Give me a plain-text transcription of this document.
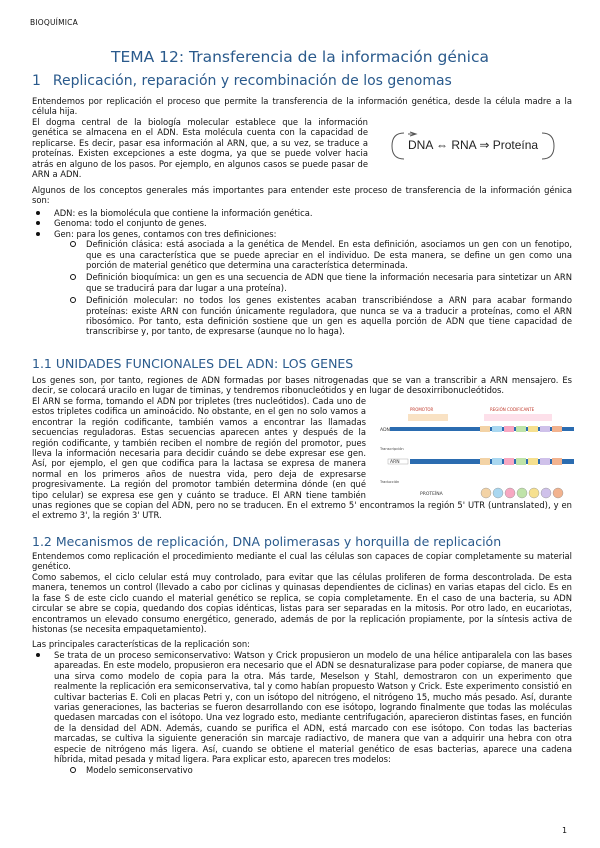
BIOQUÍMICA
TEMA 12: Transferencia de la información génica
1 Replicación, reparación y recombinación de los genomas

Entendemos por replicación el proceso que permite la transferencia de la información genética, desde la célula madre a la célula hija.

El dogma central de la biología molecular establece que la información genética se almacena en el ADN. Esta molécula cuenta con la capacidad de replicarse. Es decir, pasar esa información al ARN, que, a su vez, se traduce a proteínas. Existen excepciones a este dogma, ya que se puede volver hacia atrás en alguno de los pasos. Por ejemplo, en algunos casos se puede pasar de ARN a ADN.

DNA ⇔ RNA ⇒ Proteína

Algunos de los conceptos generales más importantes para entender este proceso de transferencia de la información génica son:

ADN: es la biomolécula que contiene la información genética.
Genoma: todo el conjunto de genes.
Gen: para los genes, contamos con tres definiciones:
Definición clásica: está asociada a la genética de Mendel. En esta definición, asociamos un gen con un fenotipo, que es una característica que se puede apreciar en el individuo. De esta manera, se define un gen como una porción de material genético que determina una característica determinada.
Definición bioquímica: un gen es una secuencia de ADN que tiene la información necesaria para sintetizar un ARN que se traducirá para dar lugar a una proteína).
Definición molecular: no todos los genes existentes acaban transcribiéndose a ARN para acabar formando proteínas: existe ARN con función únicamente reguladora, que nunca se va a traducir a proteínas, como el ARN ribosómico. Por tanto, esta definición sostiene que un gen es aquella porción de ADN que tiene capacidad de transcribirse y, por tanto, de expresarse (aunque no lo haga).
1.1 UNIDADES FUNCIONALES DEL ADN: LOS GENES

Los genes son, por tanto, regiones de ADN formadas por bases nitrogenadas que se van a transcribir a ARN mensajero. Es decir, se colocará uracilo en lugar de timinas, y tendremos ribonucleótidos y en lugar de desoxirribonucleótidos.

El ARN se forma, tomando el ADN por tripletes (tres nucleótidos). Cada uno de estos tripletes codifica un aminoácido. No obstante, en el gen no solo vamos a encontrar la región codificante, también vamos a encontrar las llamadas secuencias reguladoras. Estas secuencias aparecen antes y después de la región codificante, y también reciben el nombre de región del promotor, pues lleva la información necesaria para decidir cuándo se debe expresar ese gen. Así, por ejemplo, el gen que codifica para la lactasa se expresa de manera normal en los primeros años de nuestra vida, pero deja de expresarse progresivamente. La región del promotor también determina dónde (en qué tipo celular) se expresa ese gen y cuánto se traduce. El ARN tiene también unas regiones que se copian del ADN, pero no se traducen. En el extremo 5' encontramos la región 5' UTR (untranslated), y en el extremo 3', la región 3' UTR.

PROMOTOR	REGIÓN CODIFICANTE
ADN
Transcripción
ARN
Traducción
PROTEÍNA
1.2 Mecanismos de replicación, DNA polimerasas y horquilla de replicación

Entendemos como replicación el procedimiento mediante el cual las células son capaces de copiar completamente su material genético.

Como sabemos, el ciclo celular está muy controlado, para evitar que las células proliferen de forma descontrolada. De esta manera, tenemos un control (llevado a cabo por ciclinas y quinasas dependientes de ciclinas) en varias etapas del ciclo. Es en la fase S de este ciclo cuando el material genético se replica, se copia completamente. En el caso de una bacteria, su ADN circular se abre se copia, quedando dos copias idénticas, listas para ser separadas en la mitosis. Por otro lado, en eucariotas, encontramos un elevado consumo energético, generado, además de por la replicación propiamente, por la síntesis activa de histonas (se necesita empaquetamiento).

Las principales características de la replicación son:

Se trata de un proceso semiconservativo: Watson y Crick propusieron un modelo de una hélice antiparalela con las bases apareadas. En este modelo, propusieron era necesario que el ADN se desnaturalizase para poder copiarse, de manera que una sirva como modelo de copia para la otra. Más tarde, Meselson y Stahl, demostraron con un experimento que realmente la replicación era semiconservativa, tal y como habían propuesto Watson y Crick. Este experimento consistió en cultivar bacterias E. Coli en placas Petri y, con un isótopo del nitrógeno, el nitrógeno 15, mucho más pesado. Así, durante varias generaciones, las bacterias se fueron desarrollando con ese isótopo, logrando finalmente que todas las moléculas quedasen marcadas con el isótopo. Una vez logrado esto, mediante centrifugación, aparecieron distintas fases, en función de la densidad del ADN. Además, cuando se purifica el ADN, está marcado con ese isótopo. Con todas las bacterias marcadas, se cultiva la siguiente generación sin marcaje radiactivo, de manera que van a adquirir una hebra con otra especie de nitrógeno más ligera. Así, cuando se obtiene el material genético de esas bacterias, aparece una cadena híbrida, mitad pesada y mitad ligera. Para explicar esto, aparecen tres modelos:
Modelo semiconservativo
1
